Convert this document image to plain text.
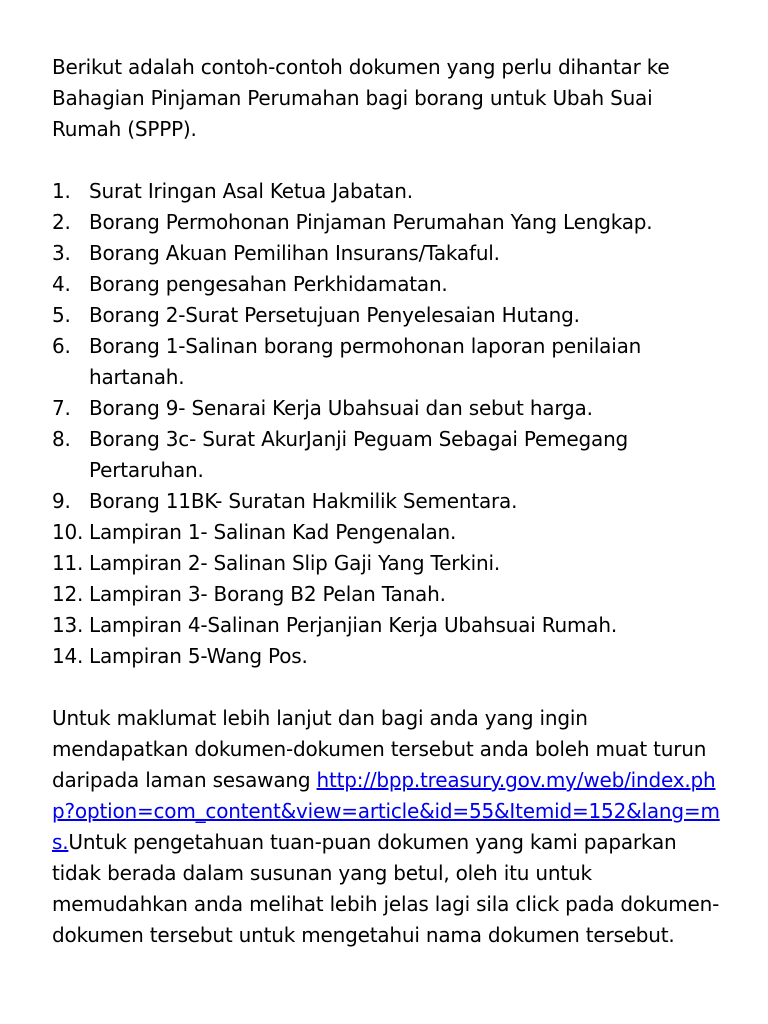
Berikut adalah contoh-contoh dokumen yang perlu dihantar ke Bahagian Pinjaman Perumahan bagi borang untuk Ubah Suai Rumah (SPPP).

1. Surat Iringan Asal Ketua Jabatan.
2. Borang Permohonan Pinjaman Perumahan Yang Lengkap.
3. Borang Akuan Pemilihan Insurans/Takaful.
4. Borang pengesahan Perkhidamatan.
5. Borang 2-Surat Persetujuan Penyelesaian Hutang.
6. Borang 1-Salinan borang permohonan laporan penilaian hartanah.
7. Borang 9- Senarai Kerja Ubahsuai dan sebut harga.
8. Borang 3c- Surat AkurJanji Peguam Sebagai Pemegang Pertaruhan.
9. Borang 11BK- Suratan Hakmilik Sementara.
10. Lampiran 1- Salinan Kad Pengenalan.
11. Lampiran 2- Salinan Slip Gaji Yang Terkini.
12. Lampiran 3- Borang B2 Pelan Tanah.
13. Lampiran 4-Salinan Perjanjian Kerja Ubahsuai Rumah.
14. Lampiran 5-Wang Pos.

Untuk maklumat lebih lanjut dan bagi anda yang ingin mendapatkan dokumen-dokumen tersebut anda boleh muat turun daripada laman sesawang http://bpp.treasury.gov.my/web/index.php?option=com_content&view=article&id=55&Itemid=152&lang=ms.Untuk pengetahuan tuan-puan dokumen yang kami paparkan tidak berada dalam susunan yang betul, oleh itu untuk memudahkan anda melihat lebih jelas lagi sila click pada dokumen-dokumen tersebut untuk mengetahui nama dokumen tersebut.
